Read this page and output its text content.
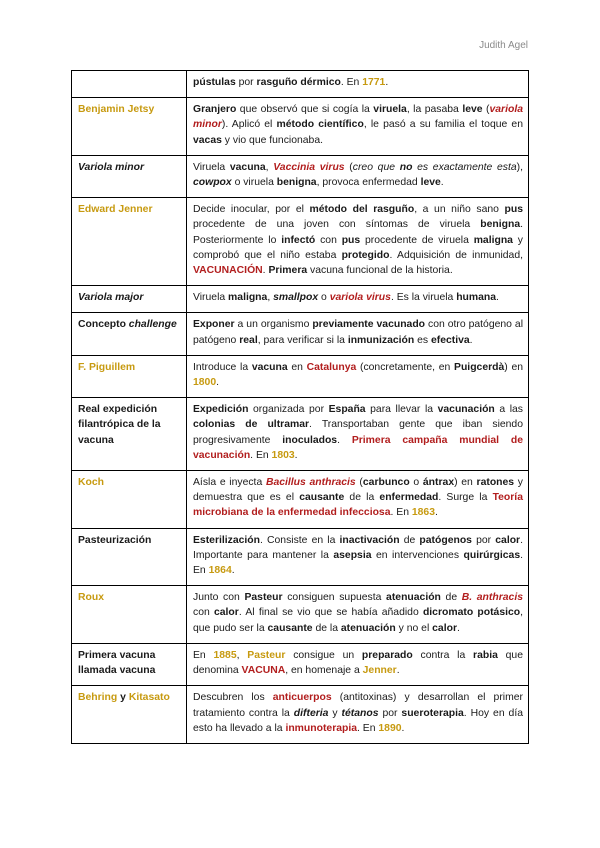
Judith Agel
	pústulas por rasguño dérmico. En 1771.
Benjamin Jetsy	Granjero que observó que si cogía la viruela, la pasaba leve (variola minor). Aplicó el método científico, le pasó a su familia el toque en vacas y vio que funcionaba.
Variola minor	Viruela vacuna, Vaccinia virus (creo que no es exactamente esta), cowpox o viruela benigna, provoca enfermedad leve.
Edward Jenner	Decide inocular, por el método del rasguño, a un niño sano pus procedente de una joven con síntomas de viruela benigna. Posteriormente lo infectó con pus procedente de viruela maligna y comprobó que el niño estaba protegido. Adquisición de inmunidad, VACUNACIÓN. Primera vacuna funcional de la historia.
Variola major	Viruela maligna, smallpox o variola virus. Es la viruela humana.
Concepto challenge	Exponer a un organismo previamente vacunado con otro patógeno al patógeno real, para verificar si la inmunización es efectiva.
F. Piguillem	Introduce la vacuna en Catalunya (concretamente, en Puigcerdà) en 1800.
Real expedición filantrópica de la vacuna	Expedición organizada por España para llevar la vacunación a las colonias de ultramar. Transportaban gente que iban siendo progresivamente inoculados. Primera campaña mundial de vacunación. En 1803.
Koch	Aísla e inyecta Bacillus anthracis (carbunco o ántrax) en ratones y demuestra que es el causante de la enfermedad. Surge la Teoría microbiana de la enfermedad infecciosa. En 1863.
Pasteurización	Esterilización. Consiste en la inactivación de patógenos por calor. Importante para mantener la asepsia en intervenciones quirúrgicas. En 1864.
Roux	Junto con Pasteur consiguen supuesta atenuación de B. anthracis con calor. Al final se vio que se había añadido dicromato potásico, que pudo ser la causante de la atenuación y no el calor.
Primera vacuna llamada vacuna	En 1885, Pasteur consigue un preparado contra la rabia que denomina VACUNA, en homenaje a Jenner.
Behring y Kitasato	Descubren los anticuerpos (antitoxinas) y desarrollan el primer tratamiento contra la difteria y tétanos por sueroterapia. Hoy en día esto ha llevado a la inmunoterapia. En 1890.
